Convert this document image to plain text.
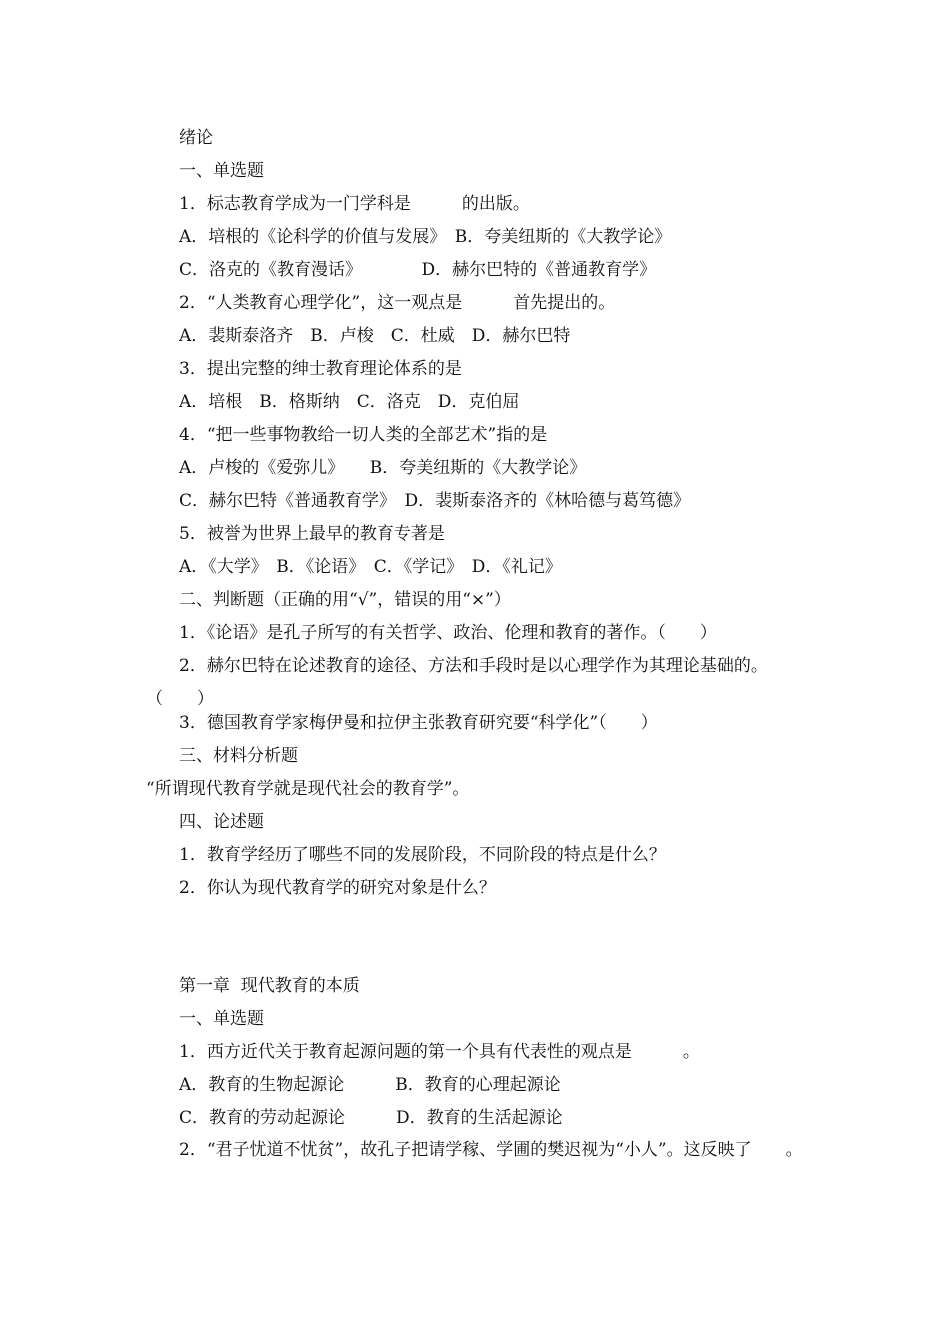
绪论
一、单选题
1．标志教育学成为一门学科是　　　的出版。
A．培根的《论科学的价值与发展》　B．夸美纽斯的《大教学论》
C．洛克的《教育漫话》　　　　D．赫尔巴特的《普通教育学》
2．“人类教育心理学化”，这一观点是　　　首先提出的。
A．裴斯泰洛齐　B．卢梭　C．杜威　D．赫尔巴特
3．提出完整的绅士教育理论体系的是
A．培根　B．格斯纳　C．洛克　D．克伯屈
4．“把一些事物教给一切人类的全部艺术”指的是
A．卢梭的《爱弥儿》　　B．夸美纽斯的《大教学论》
C．赫尔巴特《普通教育学》　D．裴斯泰洛齐的《林哈德与葛笃德》
5．被誉为世界上最早的教育专著是
A．《大学》　B．《论语》　C．《学记》　D．《礼记》
二、判断题（正确的用“√”，错误的用“×”）
1．《论语》是孔子所写的有关哲学、政治、伦理和教育的著作。（　　）
2．赫尔巴特在论述教育的途径、方法和手段时是以心理学作为其理论基础的。（　　）
3．德国教育学家梅伊曼和拉伊主张教育研究要“科学化”（　　）
三、材料分析题
“所谓现代教育学就是现代社会的教育学”。
四、论述题
1．教育学经历了哪些不同的发展阶段，不同阶段的特点是什么？
2．你认为现代教育学的研究对象是什么？
第一章  现代教育的本质
一、单选题
1．西方近代关于教育起源问题的第一个具有代表性的观点是　　　。
A．教育的生物起源论　　　B．教育的心理起源论
C．教育的劳动起源论　　　D．教育的生活起源论
2．“君子忧道不忧贫”，故孔子把请学稼、学圃的樊迟视为“小人”。这反映了　　。
